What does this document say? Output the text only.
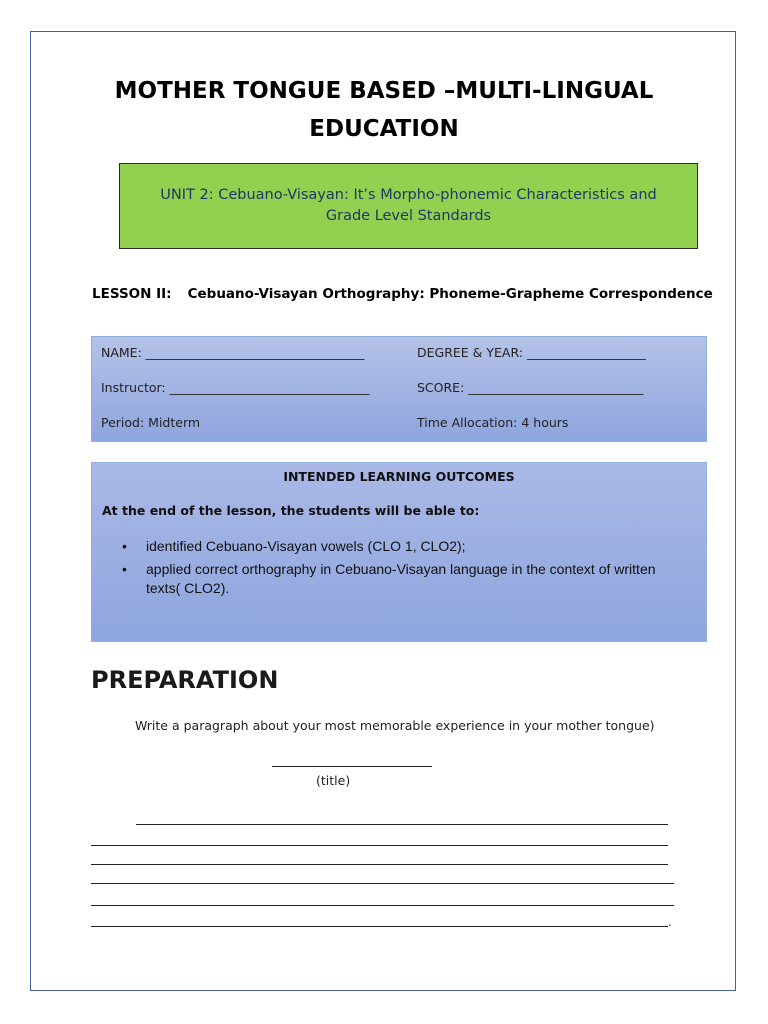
MOTHER TONGUE BASED –MULTI-LINGUAL
EDUCATION
UNIT 2: Cebuano-Visayan: It’s Morpho-phonemic Characteristics and Grade Level Standards
LESSON II: Cebuano-Visayan Orthography: Phoneme-Grapheme Correspondence
NAME: ___________________________________	DEGREE & YEAR: ___________________
Instructor: ________________________________	SCORE: ____________________________
Period: Midterm	Time Allocation: 4 hours
INTENDED LEARNING OUTCOMES
At the end of the lesson, the students will be able to:
• identified Cebuano-Visayan vowels (CLO 1, CLO2);
• applied correct orthography in Cebuano-Visayan language in the context of written texts( CLO2).
PREPARATION
Write a paragraph about your most memorable experience in your mother tongue)
(title)
.
